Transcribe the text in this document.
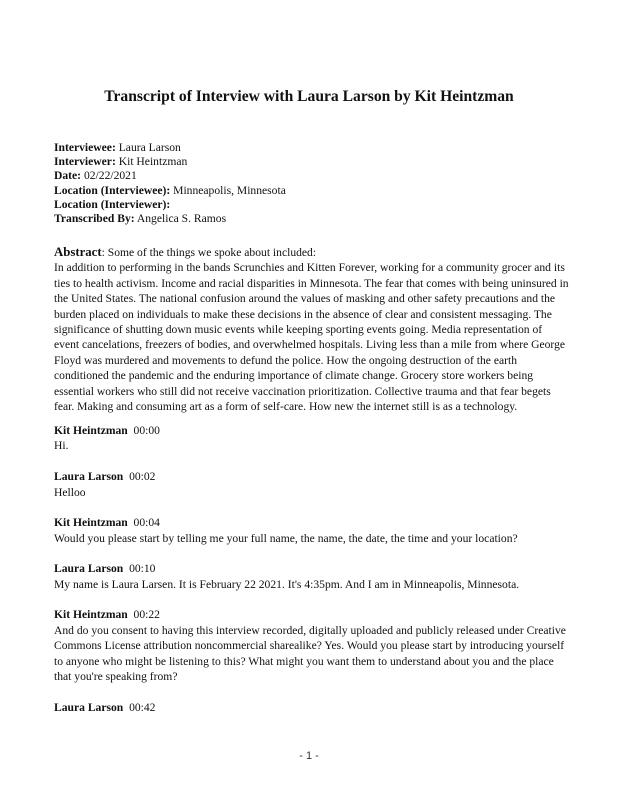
Transcript of Interview with Laura Larson by Kit Heintzman
Interviewee: Laura Larson
Interviewer: Kit Heintzman
Date: 02/22/2021
Location (Interviewee): Minneapolis, Minnesota
Location (Interviewer):
Transcribed By: Angelica S. Ramos
Abstract: Some of the things we spoke about included:
In addition to performing in the bands Scrunchies and Kitten Forever, working for a community grocer and its ties to health activism. Income and racial disparities in Minnesota. The fear that comes with being uninsured in the United States. The national confusion around the values of masking and other safety precautions and the burden placed on individuals to make these decisions in the absence of clear and consistent messaging. The significance of shutting down music events while keeping sporting events going. Media representation of event cancelations, freezers of bodies, and overwhelmed hospitals. Living less than a mile from where George Floyd was murdered and movements to defund the police. How the ongoing destruction of the earth conditioned the pandemic and the enduring importance of climate change. Grocery store workers being essential workers who still did not receive vaccination prioritization. Collective trauma and that fear begets fear. Making and consuming art as a form of self-care. How new the internet still is as a technology.
Kit Heintzman 00:00
Hi.
Laura Larson 00:02
Helloo
Kit Heintzman 00:04
Would you please start by telling me your full name, the name, the date, the time and your location?
Laura Larson 00:10
My name is Laura Larsen. It is February 22 2021. It's 4:35pm. And I am in Minneapolis, Minnesota.
Kit Heintzman 00:22
And do you consent to having this interview recorded, digitally uploaded and publicly released under Creative Commons License attribution noncommercial sharealike? Yes. Would you please start by introducing yourself to anyone who might be listening to this? What might you want them to understand about you and the place that you're speaking from?
Laura Larson 00:42
- 1 -
